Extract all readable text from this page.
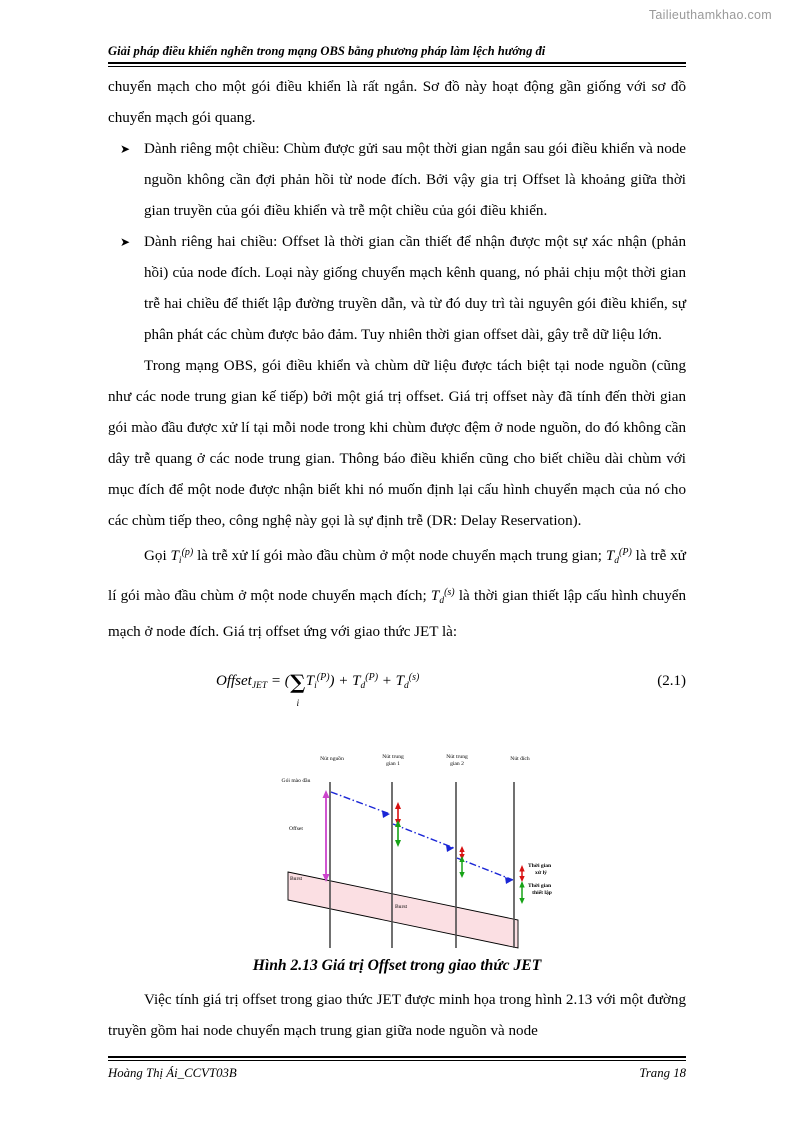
Tailieuthamkhao.com
Giải pháp điều khiển nghẽn trong mạng OBS bằng phương pháp làm lệch hướng đi

chuyển mạch cho một gói điều khiển là rất ngắn. Sơ đồ này hoạt động gần giống với sơ đồ chuyển mạch gói quang.

➤ Dành riêng một chiều: Chùm được gửi sau một thời gian ngắn sau gói điều khiển và node nguồn không cần đợi phản hồi từ node đích. Bởi vậy gia trị Offset là khoảng giữa thời gian truyền của gói điều khiển và trễ một chiều của gói điều khiển.
➤ Dành riêng hai chiều: Offset là thời gian cần thiết để nhận được một sự xác nhận (phản hồi) của node đích. Loại này giống chuyển mạch kênh quang, nó phải chịu một thời gian trễ hai chiều để thiết lập đường truyền dẫn, và từ đó duy trì tài nguyên gói điều khiển, sự phân phát các chùm được bảo đảm. Tuy nhiên thời gian offset dài, gây trễ dữ liệu lớn.

Trong mạng OBS, gói điều khiển và chùm dữ liệu được tách biệt tại node nguồn (cũng như các node trung gian kế tiếp) bởi một giá trị offset. Giá trị offset này đã tính đến thời gian gói mào đầu được xử lí tại mỗi node trong khi chùm được đệm ở node nguồn, do đó không cần dây trễ quang ở các node trung gian. Thông báo điều khiển cũng cho biết chiều dài chùm với mục đích để một node được nhận biết khi nó muốn định lại cấu hình chuyển mạch của nó cho các chùm tiếp theo, công nghệ này gọi là sự định trễ (DR: Delay Reservation).

Gọi $T_i^{(p)}$ là trễ xử lí gói mào đầu chùm ở một node chuyển mạch trung gian; $T_d^{(P)}$ là trễ xử lí gói mào đầu chùm ở một node chuyển mạch đích; $T_d^{(s)}$ là thời gian thiết lập cấu hình chuyển mạch ở node đích. Giá trị offset ứng với giao thức JET là:

Offset$_{JET}$ = (∑
i
$T_i^{(P)}) + T_d^{(P)} + T_d^{(s)}$	(2.1)
Nút nguồn	Nút trung
gian 1
Nút trung
gian 2
Nút đích
Gói mào đầu
Offset
Burst
Burst
Thời gian
xử lý
Thời gian
thiết lập
Hình 2.13 Giá trị Offset trong giao thức JET

Việc tính giá trị offset trong giao thức JET được minh họa trong hình 2.13 với một đường truyền gồm hai node chuyển mạch trung gian giữa node nguồn và node

Hoàng Thị Ái_CCVT03B	Trang 18
